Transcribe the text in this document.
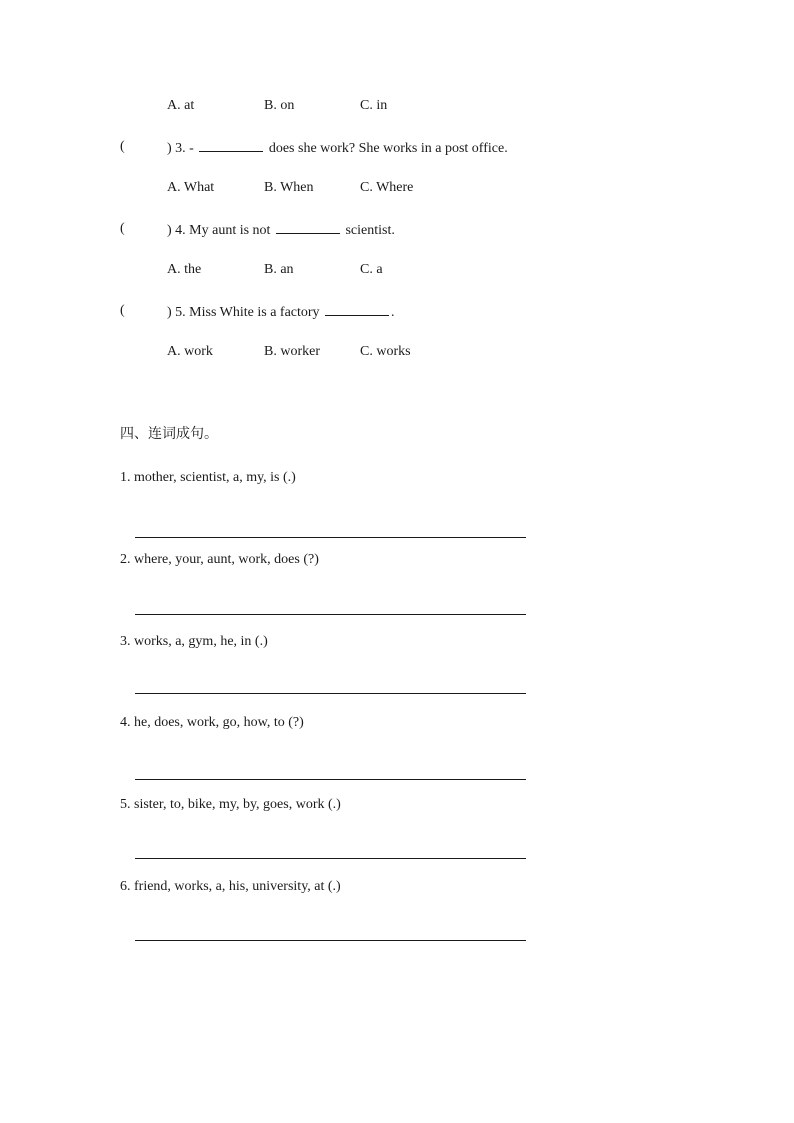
A. at	B. on	C. in
(	) 3. -	does she work? She works in a post office.
A. What	B. When	C. Where
(	) 4. My aunt is not	scientist.
A. the	B. an	C. a
(	) 5. Miss White is a factory	.
A. work	B. worker	C. works
四、连词成句。
1. mother, scientist, a, my, is (.)
2. where, your, aunt, work, does (?)
3. works, a, gym, he, in (.)
4. he, does, work, go, how, to (?)
5. sister, to, bike, my, by, goes, work (.)
6. friend, works, a, his, university, at (.)
